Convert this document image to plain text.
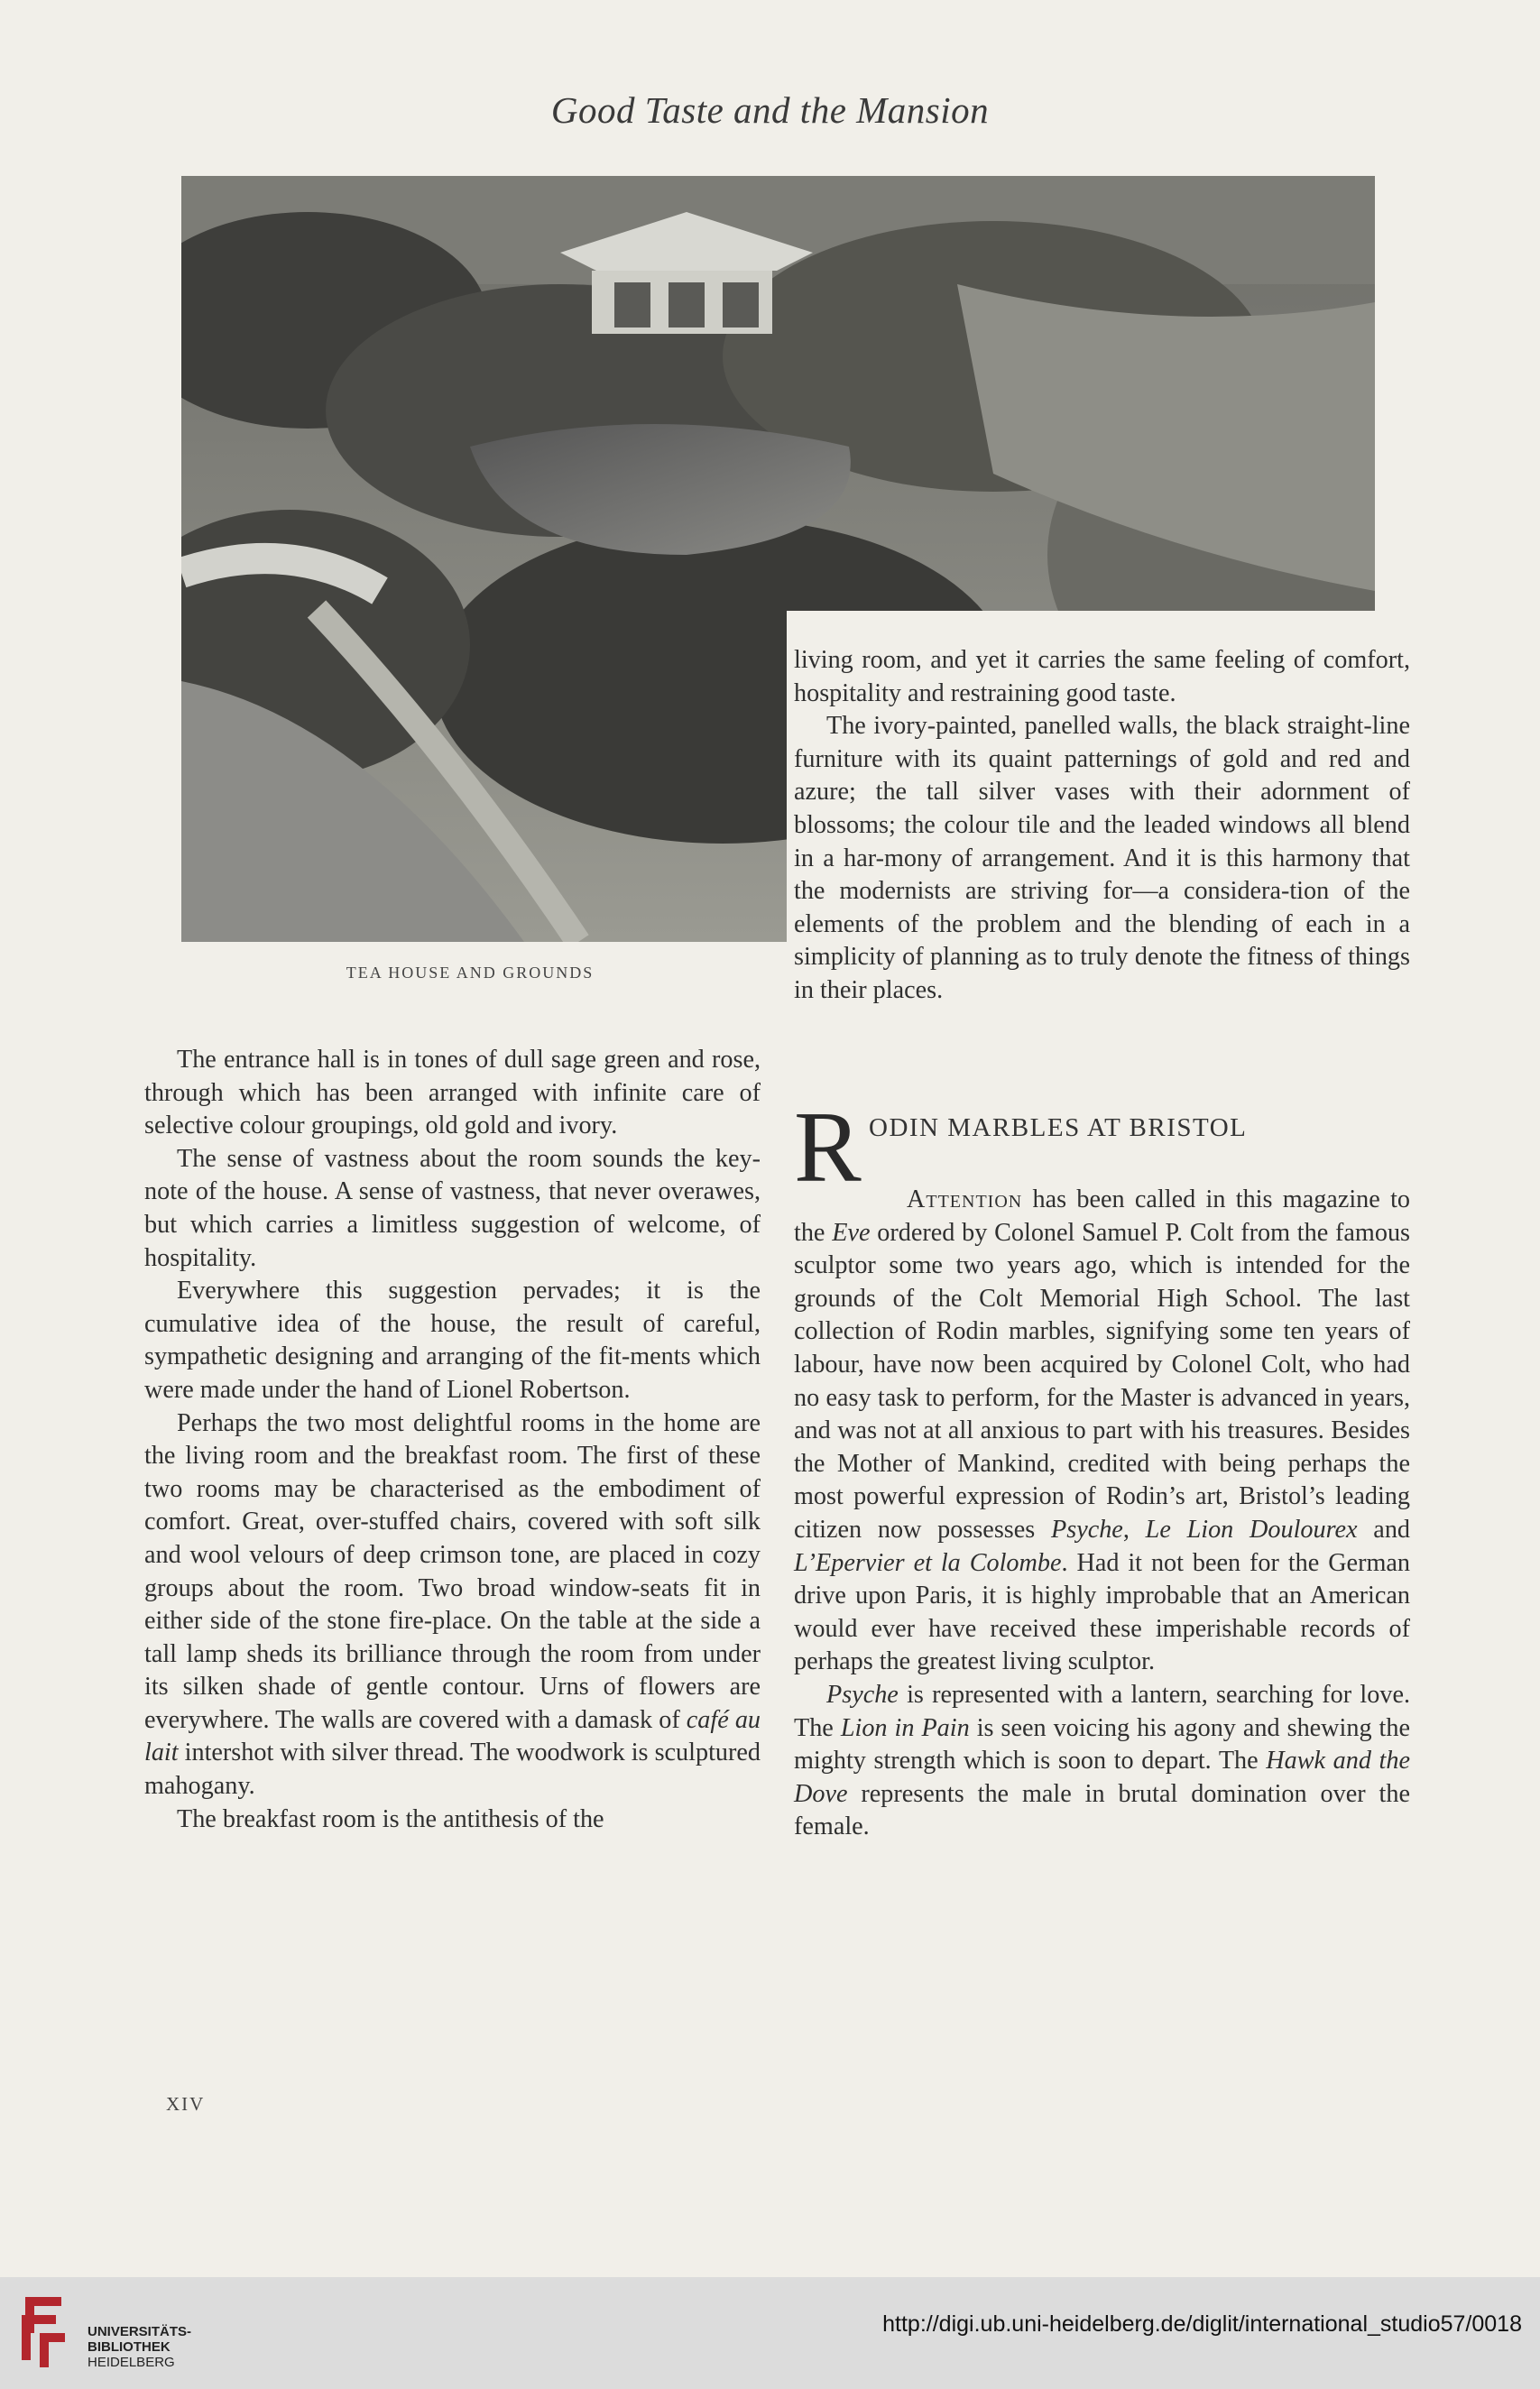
Good Taste and the Mansion
TEA HOUSE AND GROUNDS

living room, and yet it carries the same feeling of comfort, hospitality and restraining good taste.

The ivory-painted, panelled walls, the black straight-line furniture with its quaint patternings of gold and red and azure; the tall silver vases with their adornment of blossoms; the colour tile and the leaded windows all blend in a har-mony of arrangement. And it is this harmony that the modernists are striving for—a considera-tion of the elements of the problem and the blending of each in a simplicity of planning as to truly denote the fitness of things in their places.

The entrance hall is in tones of dull sage green and rose, through which has been arranged with infinite care of selective colour groupings, old gold and ivory.

The sense of vastness about the room sounds the key-note of the house. A sense of vastness, that never overawes, but which carries a limitless suggestion of welcome, of hospitality.

Everywhere this suggestion pervades; it is the cumulative idea of the house, the result of careful, sympathetic designing and arranging of the fit-ments which were made under the hand of Lionel Robertson.

Perhaps the two most delightful rooms in the home are the living room and the breakfast room. The first of these two rooms may be characterised as the embodiment of comfort. Great, over-stuffed chairs, covered with soft silk and wool velours of deep crimson tone, are placed in cozy groups about the room. Two broad window-seats fit in either side of the stone fire-place. On the table at the side a tall lamp sheds its brilliance through the room from under its silken shade of gentle contour. Urns of flowers are everywhere. The walls are covered with a damask of café au lait intershot with silver thread. The woodwork is sculptured mahogany.

The breakfast room is the antithesis of the

R ODIN MARBLES AT BRISTOL

Attention has been called in this magazine to the Eve ordered by Colonel Samuel P. Colt from the famous sculptor some two years ago, which is intended for the grounds of the Colt Memorial High School. The last collection of Rodin marbles, signifying some ten years of labour, have now been acquired by Colonel Colt, who had no easy task to perform, for the Master is advanced in years, and was not at all anxious to part with his treasures. Besides the Mother of Mankind, credited with being perhaps the most powerful expression of Rodin’s art, Bristol’s leading citizen now possesses Psyche, Le Lion Doulourex and L’Epervier et la Colombe. Had it not been for the German drive upon Paris, it is highly improbable that an American would ever have received these imperishable records of perhaps the greatest living sculptor.

Psyche is represented with a lantern, searching for love. The Lion in Pain is seen voicing his agony and shewing the mighty strength which is soon to depart. The Hawk and the Dove represents the male in brutal domination over the female.

XIV
UNIVERSITÄTS-
BIBLIOTHEK
HEIDELBERG
http://digi.ub.uni-heidelberg.de/diglit/international_studio57/0018
